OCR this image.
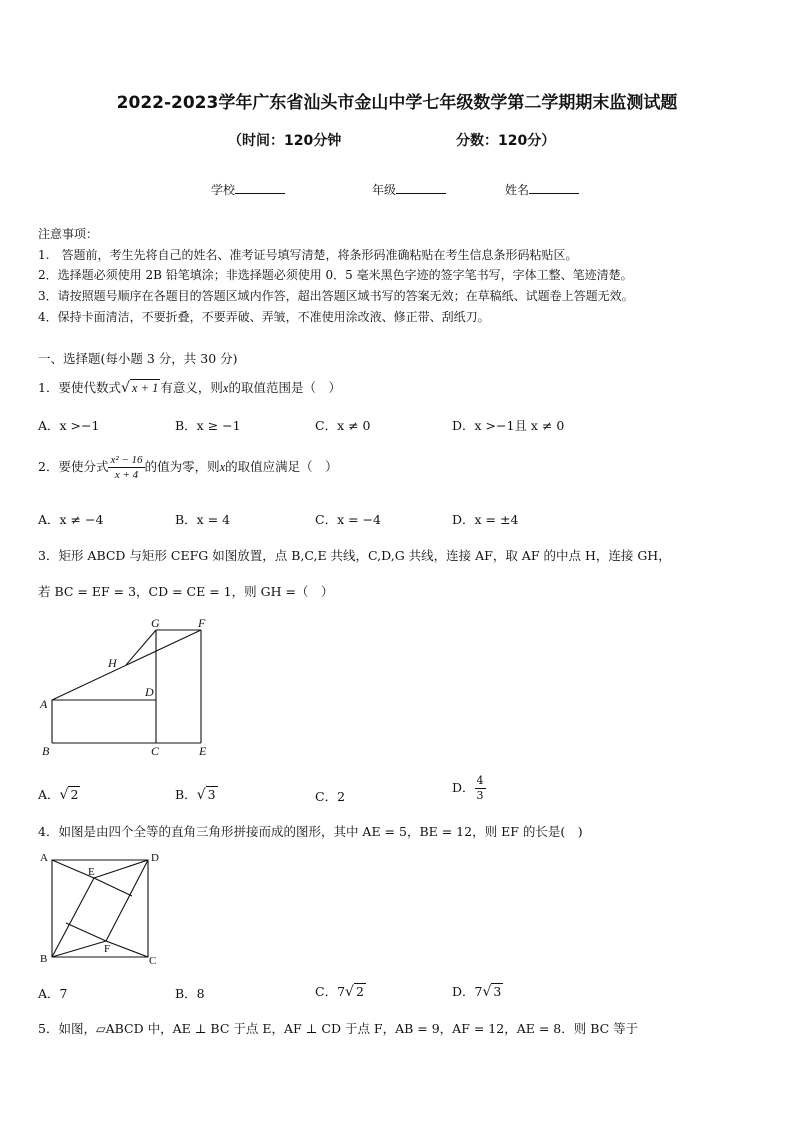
2022-2023学年广东省汕头市金山中学七年级数学第二学期期末监测试题
（时间：120分钟	分数：120分）
学校	年级	姓名
注意事项：
1.　答题前，考生先将自己的姓名、准考证号填写清楚，将条形码准确粘贴在考生信息条形码粘贴区。
2．选择题必须使用 2B 铅笔填涂；非选择题必须使用 0．5 毫米黑色字迹的签字笔书写，字体工整、笔迹清楚。
3．请按照题号顺序在各题目的答题区域内作答，超出答题区域书写的答案无效；在草稿纸、试题卷上答题无效。
4．保持卡面清洁，不要折叠，不要弄破、弄皱，不准使用涂改液、修正带、刮纸刀。
一、选择题(每小题 3 分，共 30 分)
1．要使代数式√ x + 1 有意义，则x的取值范围是（　）
A．x >−1	B．x ≥ −1	C．x ≠ 0	D．x >−1且 x ≠ 0
2．要使分式 $\frac{\text{x² − 16}}{x + 4}$ 的值为零，则x的取值应满足（　）
A．x ≠ −4	B．x = 4	C．x = −4	D．x = ±4
3．矩形 ABCD 与矩形 CEFG 如图放置，点 B,C,E 共线，C,D,G 共线，连接 AF，取 AF 的中点 H，连接 GH，
若 BC = EF = 3，CD = CE = 1，则 GH =（　）
G	F
H
D
A
B	C	E
A．√ 2	B．√ 3	C．2
D． $\frac{4}{3}$
4．如图是由四个全等的直角三角形拼接而成的图形，其中 AE = 5，BE = 12，则 EF 的长是(　)
A	D
E
F
B	C
A．7	B．8	C．7√ 2	D．7√ 3
5．如图，▱ABCD 中，AE ⊥ BC 于点 E，AF ⊥ CD 于点 F，AB = 9，AF = 12，AE = 8．则 BC 等于
